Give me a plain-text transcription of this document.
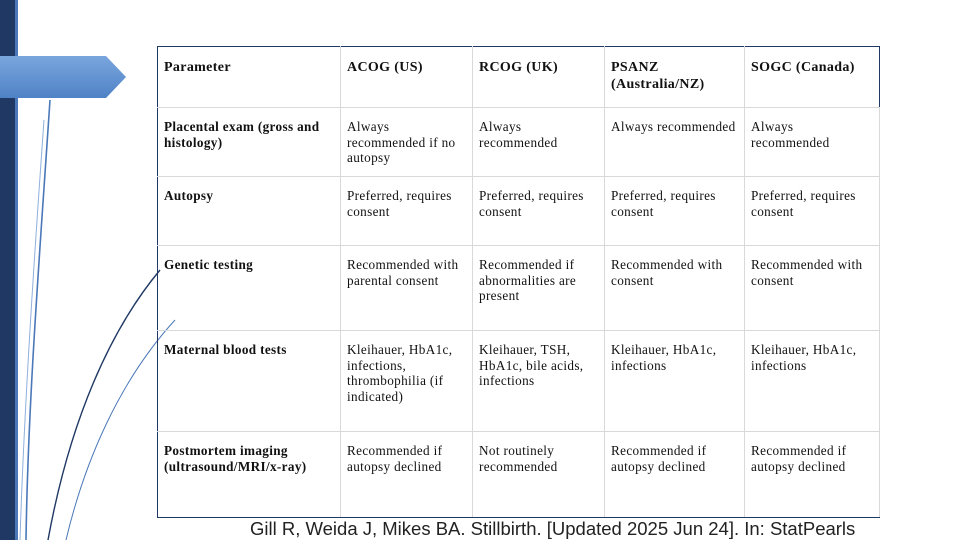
Parameter	ACOG (US)	RCOG (UK)	PSANZ (Australia/NZ)	SOGC (Canada)
Placental exam (gross and histology)	Always recommended if no autopsy	Always recommended	Always recommended	Always recommended
Autopsy	Preferred, requires consent	Preferred, requires consent	Preferred, requires consent	Preferred, requires consent
Genetic testing	Recommended with parental consent	Recommended if abnormalities are present	Recommended with consent	Recommended with consent
Maternal blood tests	Kleihauer, HbA1c, infections, thrombophilia (if indicated)	Kleihauer, TSH, HbA1c, bile acids, infections	Kleihauer, HbA1c, infections	Kleihauer, HbA1c, infections
Postmortem imaging (ultrasound/MRI/x-ray)	Recommended if autopsy declined	Not routinely recommended	Recommended if autopsy declined	Recommended if autopsy declined
Gill R, Weida J, Mikes BA. Stillbirth. [Updated 2025 Jun 24]. In: StatPearls
